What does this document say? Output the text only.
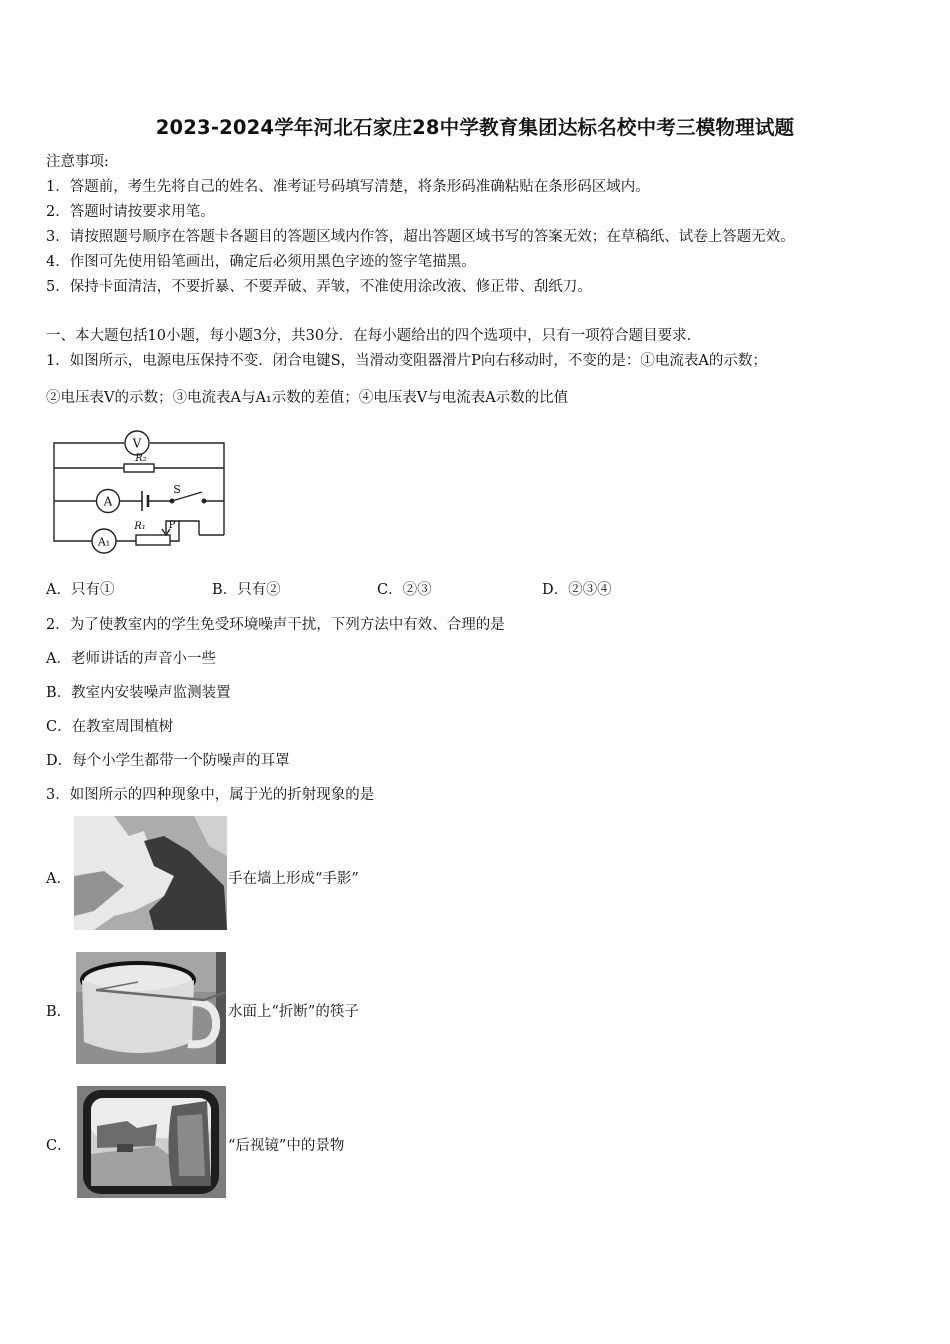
2023-2024学年河北石家庄28中学教育集团达标名校中考三模物理试题
注意事项:
1．答题前，考生先将自己的姓名、准考证号码填写清楚，将条形码准确粘贴在条形码区域内。
2．答题时请按要求用笔。
3．请按照题号顺序在答题卡各题目的答题区域内作答，超出答题区域书写的答案无效；在草稿纸、试卷上答题无效。
4．作图可先使用铅笔画出，确定后必须用黑色字迹的签字笔描黑。
5．保持卡面清洁，不要折暴、不要弄破、弄皱，不准使用涂改液、修正带、刮纸刀。
一、本大题包括10小题，每小题3分，共30分．在每小题给出的四个选项中，只有一项符合题目要求．
1．如图所示，电源电压保持不变．闭合电键S，当滑动变阻器滑片P向右移动时，不变的是：①电流表A的示数；
②电压表V的示数；③电流表A与A₁示数的差值；④电压表V与电流表A示数的比值
V
A
A₁
R₂
S
R₁ P
A．只有①	B．只有②	C．②③	D．②③④
2．为了使教室内的学生免受环境噪声干扰，下列方法中有效、合理的是
A．老师讲话的声音小一些
B．教室内安装噪声监测装置
C．在教室周围植树
D．每个小学生都带一个防噪声的耳罩
3．如图所示的四种现象中，属于光的折射现象的是
A．	手在墙上形成“手影”
B．	水面上“折断”的筷子
C．	“后视镜”中的景物
